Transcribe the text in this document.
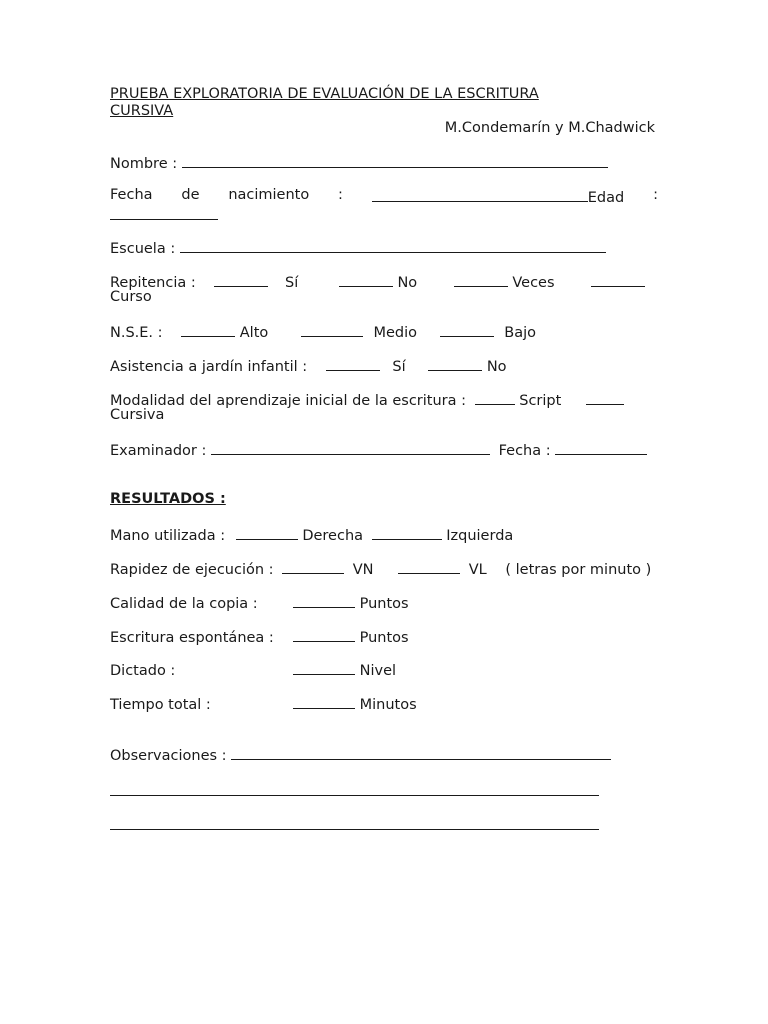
PRUEBA EXPLORATORIA DE EVALUACIÓN DE LA ESCRITURA
CURSIVA
M.Condemarín y M.Chadwick
Nombre :
Fecha de nacimiento :	Edad :
Escuela :
Repitencia :	Sí	No	Veces
Curso
N.S.E. :	Alto	Medio	Bajo
Asistencia a jardín infantil :	Sí	No
Modalidad del aprendizaje inicial de la escritura :	Script
Cursiva
Examinador :	Fecha :
RESULTADOS :
Mano utilizada :	Derecha	Izquierda
Rapidez de ejecución :	VN	VL ( letras por minuto )
Calidad de la copia :	Puntos
Escritura espontánea :	Puntos
Dictado :	Nivel
Tiempo total :	Minutos
Observaciones :
